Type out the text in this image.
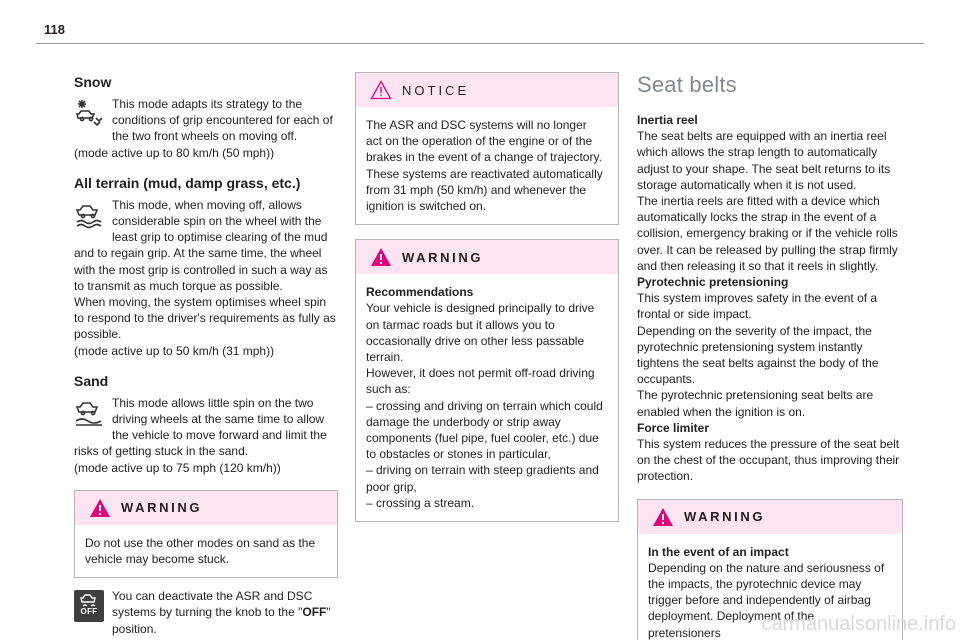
118
Snow
This mode adapts its strategy to the conditions of grip encountered for each of the two front wheels on moving off.
(mode active up to 80 km/h (50 mph))
All terrain (mud, damp grass, etc.)
This mode, when moving off, allows considerable spin on the wheel with the least grip to optimise clearing of the mud and to regain grip. At the same time, the wheel with the most grip is controlled in such a way as to transmit as much torque as possible.
When moving, the system optimises wheel spin to respond to the driver's requirements as fully as possible.
(mode active up to 50 km/h (31 mph))
Sand
This mode allows little spin on the two driving wheels at the same time to allow the vehicle to move forward and limit the risks of getting stuck in the sand.
(mode active up to 75 mph (120 km/h))
WARNING
Do not use the other modes on sand as the vehicle may become stuck.
OFF
You can deactivate the ASR and DSC systems by turning the knob to the "OFF" position.
NOTICE
The ASR and DSC systems will no longer act on the operation of the engine or of the brakes in the event of a change of trajectory. These systems are reactivated automatically from 31 mph (50 km/h) and whenever the ignition is switched on.
WARNING
Recommendations
Your vehicle is designed principally to drive on tarmac roads but it allows you to occasionally drive on other less passable terrain.
However, it does not permit off-road driving such as:
– crossing and driving on terrain which could damage the underbody or strip away components (fuel pipe, fuel cooler, etc.) due to obstacles or stones in particular,
– driving on terrain with steep gradients and poor grip,
– crossing a stream.
Seat belts
Inertia reel
The seat belts are equipped with an inertia reel which allows the strap length to automatically adjust to your shape. The seat belt returns to its storage automatically when it is not used.
The inertia reels are fitted with a device which automatically locks the strap in the event of a collision, emergency braking or if the vehicle rolls over. It can be released by pulling the strap firmly and then releasing it so that it reels in slightly.
Pyrotechnic pretensioning
This system improves safety in the event of a frontal or side impact.
Depending on the severity of the impact, the pyrotechnic pretensioning system instantly tightens the seat belts against the body of the occupants.
The pyrotechnic pretensioning seat belts are enabled when the ignition is on.
Force limiter
This system reduces the pressure of the seat belt on the chest of the occupant, thus improving their protection.
WARNING
In the event of an impact
Depending on the nature and seriousness of the impacts, the pyrotechnic device may trigger before and independently of airbag deployment. Deployment of the pretensioners	carmanualsonline.info
